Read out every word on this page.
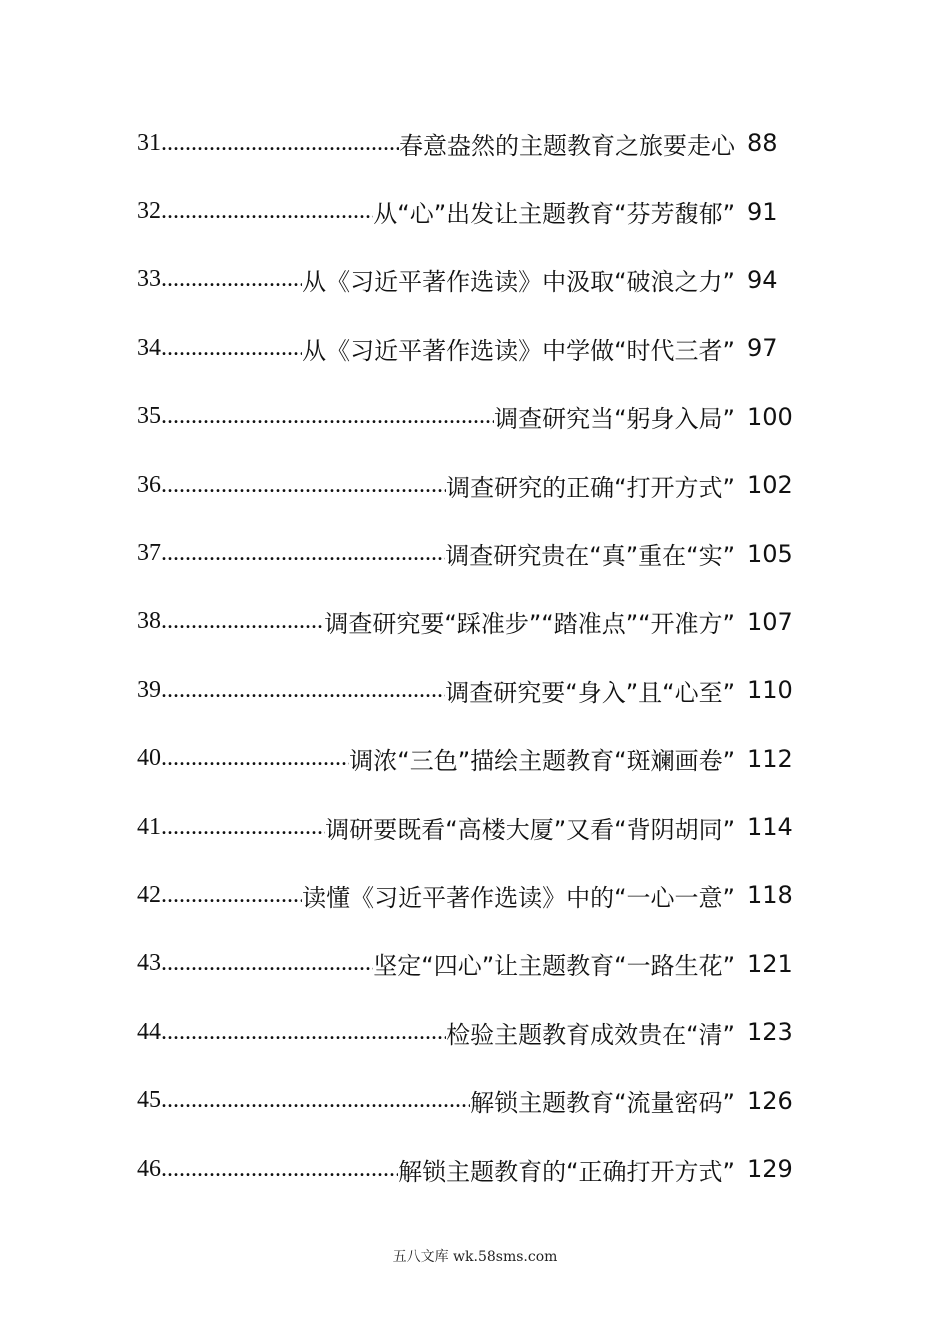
31 .....	春意盎然的主题教育之旅要走心 88
32 .....	从“心”出发让主题教育“芬芳馥郁” 91
33 .....	从《习近平著作选读》中汲取“破浪之力” 94
34 .....	从《习近平著作选读》中学做“时代三者” 97
35 .....	调查研究当“躬身入局” 100
36 .....	调查研究的正确“打开方式” 102
37 .....	调查研究贵在“真”重在“实” 105
38 .....	调查研究要“踩准步”“踏准点”“开准方” 107
39 .....	调查研究要“身入”且“心至” 110
40 .....	调浓“三色”描绘主题教育“斑斓画卷” 112
41 .....	调研要既看“高楼大厦”又看“背阴胡同” 114
42 .....	读懂《习近平著作选读》中的“一心一意” 118
43 .....	坚定“四心”让主题教育“一路生花” 121
44 .....	检验主题教育成效贵在“清” 123
45 .....	解锁主题教育“流量密码” 126
46 .....	解锁主题教育的“正确打开方式” 129
五八文库 wk.58sms.com
